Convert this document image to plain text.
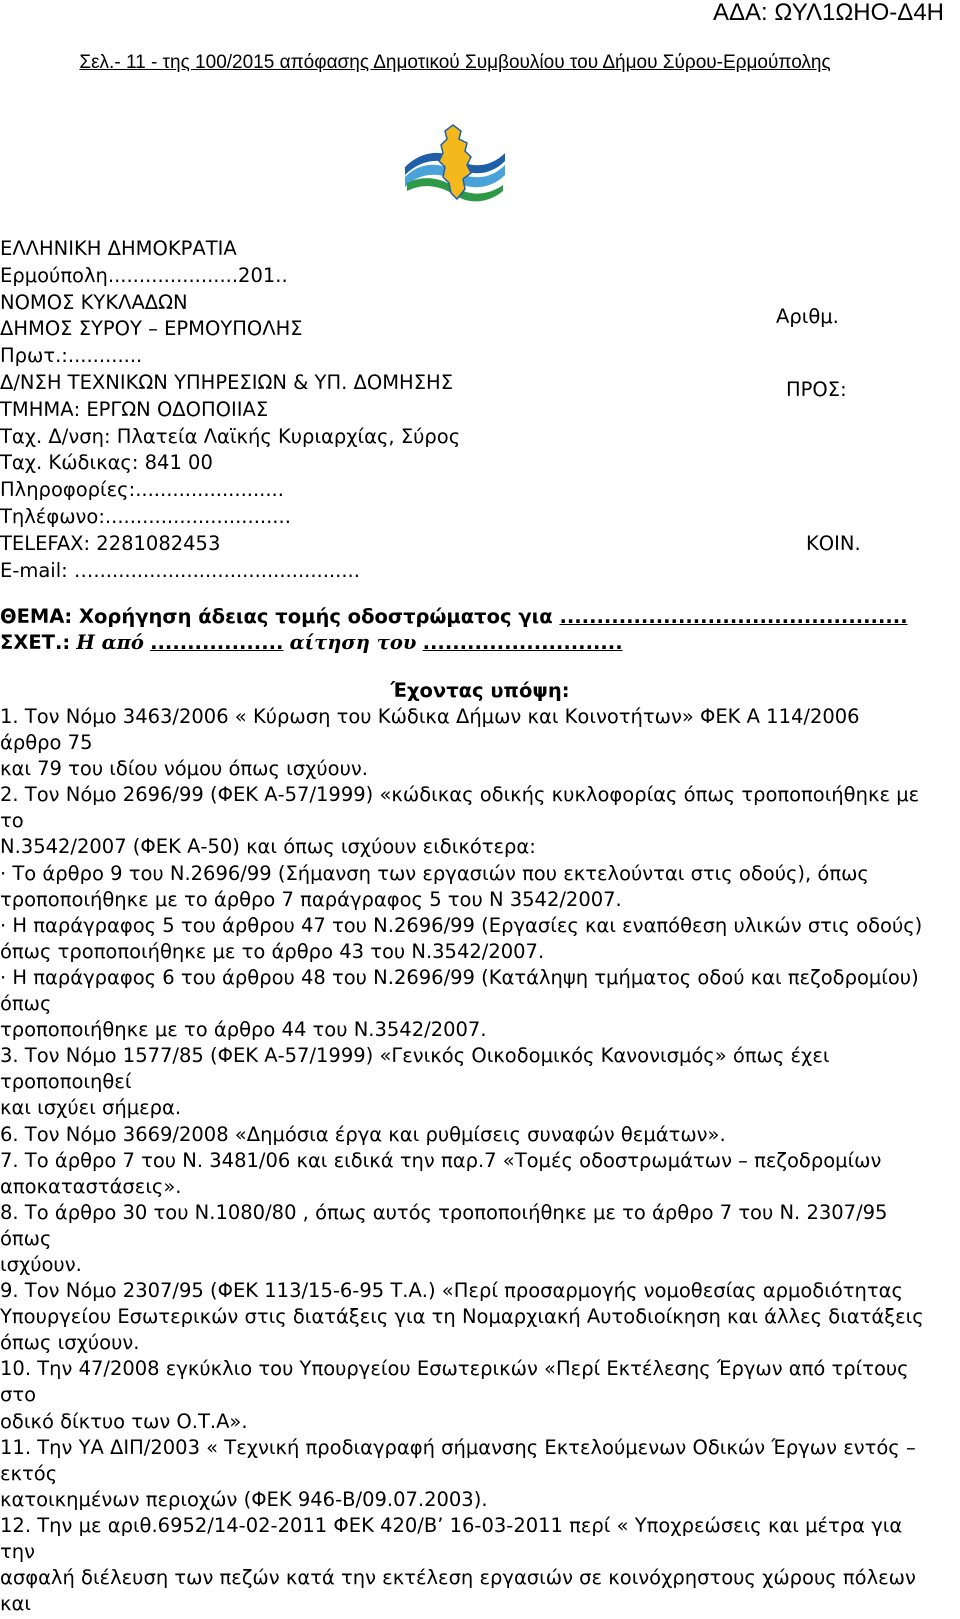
ΑΔΑ: ΩΥΛ1ΩΗΟ-Δ4Η
Σελ.- 11 - της 100/2015 απόφασης Δημοτικού Συμβουλίου του Δήμου Σύρου-Ερμούπολης
ΕΛΛΗΝΙΚΗ ΔΗΜΟΚΡΑΤΙΑ
Ερμούπολη.....................201..
ΝΟΜΟΣ ΚΥΚΛΑΔΩΝ
ΔΗΜΟΣ ΣΥΡΟΥ – ΕΡΜΟΥΠΟΛΗΣ
Πρωτ.:............
Δ/ΝΣΗ ΤΕΧΝΙΚΩΝ ΥΠΗΡΕΣΙΩΝ & ΥΠ. ΔΟΜΗΣΗΣ
ΤΜΗΜΑ: ΕΡΓΩΝ ΟΔΟΠΟΙΙΑΣ
Ταχ. Δ/νση: Πλατεία Λαϊκής Κυριαρχίας, Σύρος
Ταχ. Κώδικας: 841 00
Πληροφορίες:........................
Τηλέφωνο:..............................
TELEFAX: 2281082453
E-mail: …...........................................
Αριθμ.
ΠΡΟΣ:
ΚΟΙΝ.
ΘΕΜΑ: Χορήγηση άδειας τομής οδοστρώματος για ...............................................
ΣΧΕΤ.: Η από .................. αίτηση του ...........................
Έχοντας υπόψη:
1. Τον Νόμο 3463/2006 « Κύρωση του Κώδικα Δήμων και Κοινοτήτων» ΦΕΚ Α 114/2006
άρθρο 75
και 79 του ιδίου νόμου όπως ισχύουν.
2. Τον Νόμο 2696/99 (ΦΕΚ Α-57/1999) «κώδικας οδικής κυκλοφορίας όπως τροποποιήθηκε με
το
Ν.3542/2007 (ΦΕΚ Α-50) και όπως ισχύουν ειδικότερα:
· Το άρθρο 9 του Ν.2696/99 (Σήμανση των εργασιών που εκτελούνται στις οδούς), όπως
τροποποιήθηκε με το άρθρο 7 παράγραφος 5 του Ν 3542/2007.
· Η παράγραφος 5 του άρθρου 47 του Ν.2696/99 (Εργασίες και εναπόθεση υλικών στις οδούς)
όπως τροποποιήθηκε με το άρθρο 43 του Ν.3542/2007.
· Η παράγραφος 6 του άρθρου 48 του Ν.2696/99 (Κατάληψη τμήματος οδού και πεζοδρομίου)
όπως
τροποποιήθηκε με το άρθρο 44 του Ν.3542/2007.
3. Τον Νόμο 1577/85 (ΦΕΚ Α-57/1999) «Γενικός Οικοδομικός Κανονισμός» όπως έχει
τροποποιηθεί
και ισχύει σήμερα.
6. Τον Νόμο 3669/2008 «Δημόσια έργα και ρυθμίσεις συναφών θεμάτων».
7. Το άρθρο 7 του Ν. 3481/06 και ειδικά την παρ.7 «Τομές οδοστρωμάτων – πεζοδρομίων
αποκαταστάσεις».
8. Το άρθρο 30 του Ν.1080/80 , όπως αυτός τροποποιήθηκε με το άρθρο 7 του Ν. 2307/95
όπως
ισχύουν.
9. Τον Νόμο 2307/95 (ΦΕΚ 113/15-6-95 Τ.Α.) «Περί προσαρμογής νομοθεσίας αρμοδιότητας
Υπουργείου Εσωτερικών στις διατάξεις για τη Νομαρχιακή Αυτοδιοίκηση και άλλες διατάξεις
όπως ισχύουν.
10. Την 47/2008 εγκύκλιο του Υπουργείου Εσωτερικών «Περί Εκτέλεσης Έργων από τρίτους
στο
οδικό δίκτυο των Ο.Τ.Α».
11. Την ΥΑ ΔΙΠ/2003 « Τεχνική προδιαγραφή σήμανσης Εκτελούμενων Οδικών Έργων εντός –
εκτός
κατοικημένων περιοχών (ΦΕΚ 946-Β/09.07.2003).
12. Την με αριθ.6952/14-02-2011 ΦΕΚ 420/Β’ 16-03-2011 περί « Υποχρεώσεις και μέτρα για
την
ασφαλή διέλευση των πεζών κατά την εκτέλεση εργασιών σε κοινόχρηστους χώρους πόλεων
και
